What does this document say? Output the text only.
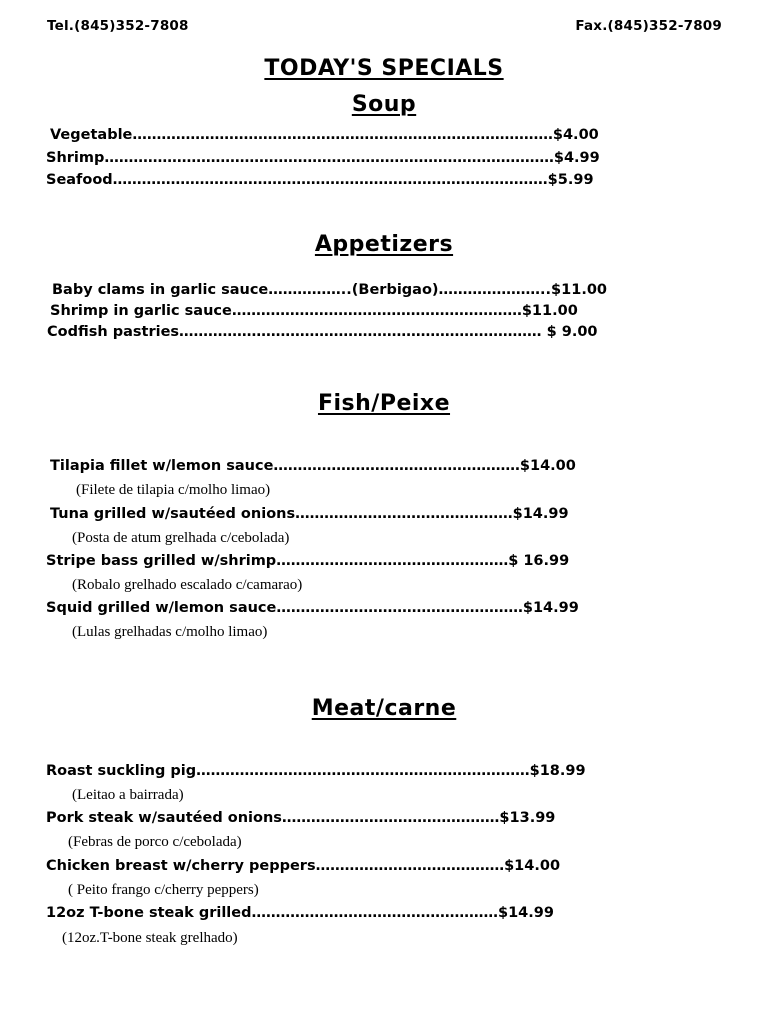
Tel.(845)352-7808	Fax.(845)352-7809
TODAY'S SPECIALS
Soup
Vegetable……………………………………………………………………………$4.00
Shrimp…………………………………………………………………………………$4.99
Seafood………………………………………………………………………………$5.99
Appetizers
Baby clams in garlic sauce……………..(Berbigao)…………………..$11.00
Shrimp in garlic sauce……………………………………………………$11.00
Codfish pastries………………………………………………………………… $ 9.00
Fish/Peixe
Tilapia fillet w/lemon sauce……………………………………………$14.00
(Filete de tilapia c/molho limao)
Tuna grilled w/sautéed onions………………………………………$14.99
(Posta de atum grelhada c/cebolada)
Stripe bass grilled w/shrimp…………………………………………$ 16.99
(Robalo grelhado escalado c/camarao)
Squid grilled w/lemon sauce……………………………………………$14.99
(Lulas grelhadas c/molho limao)
Meat/carne
Roast suckling pig……………………………………………………………$18.99
(Leitao a bairrada)
Pork steak w/sautéed onions………………………………………$13.99
(Febras de porco c/cebolada)
Chicken breast w/cherry peppers…………………………………$14.00
( Peito frango c/cherry peppers)
12oz T-bone steak grilled……………………………………………$14.99
(12oz.T-bone steak grelhado)
